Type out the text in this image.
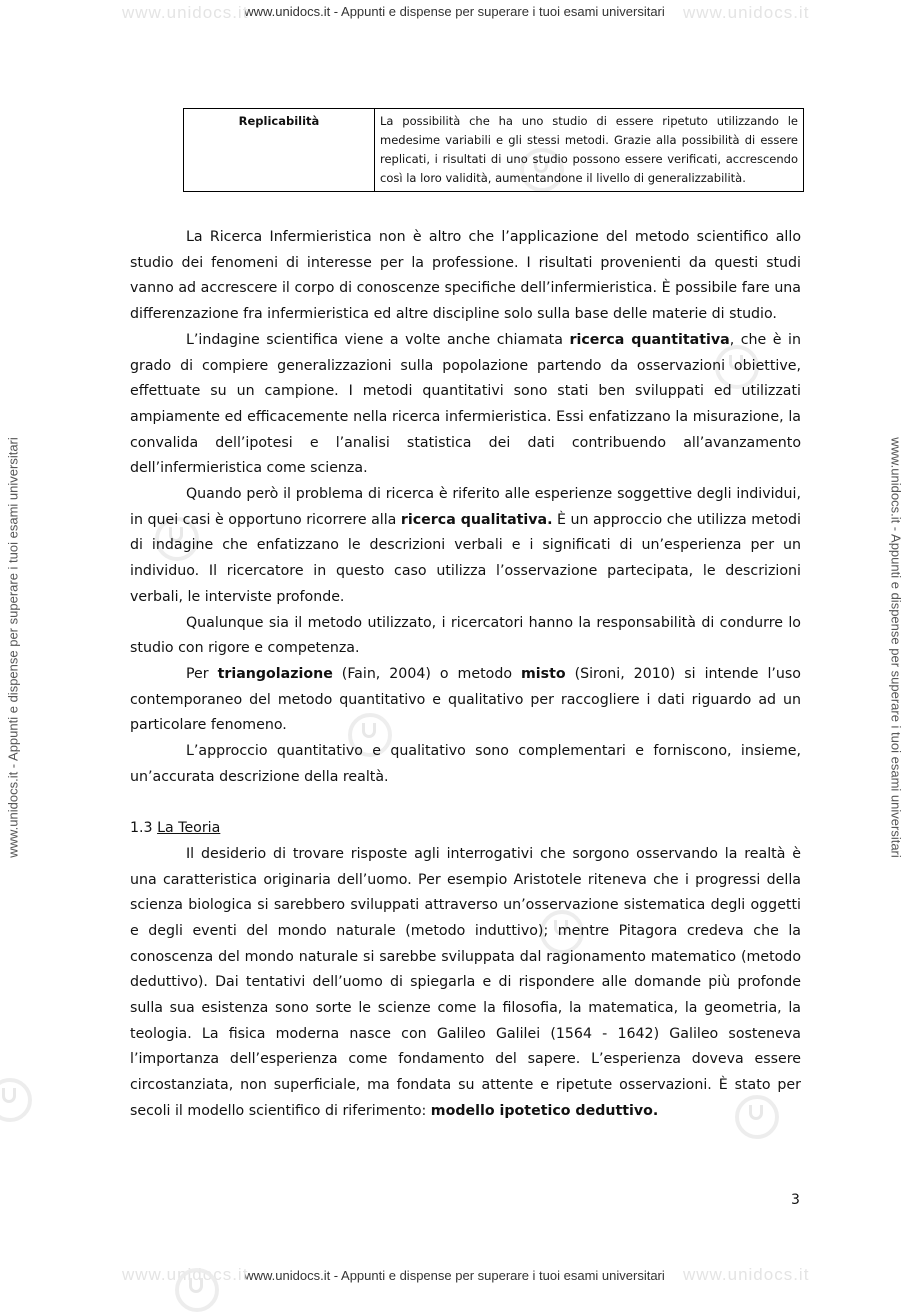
www.unidocs.it - Appunti e dispense per superare i tuoi esami universitari
www.unidocs.it - Appunti e dispense per superare i tuoi esami universitari
www.unidocs.it - Appunti e dispense per superare i tuoi esami universitari	www.unidocs.it - Appunti e dispense per superare i tuoi esami universitari
www.unidocs.it	www.unidocs.it
www.unidocs.it	www.unidocs.it
Replicabilità	La possibilità che ha uno studio di essere ripetuto utilizzando le medesime variabili e gli stessi metodi. Grazie alla possibilità di essere replicati, i risultati di uno studio possono essere verificati, accrescendo così la loro validità, aumentandone il livello di generalizzabilità.

La Ricerca Infermieristica non è altro che l’applicazione del metodo scientifico allo studio dei fenomeni di interesse per la professione. I risultati provenienti da questi studi vanno ad accrescere il corpo di conoscenze specifiche dell’infermieristica. È possibile fare una differenzazione fra infermieristica ed altre discipline solo sulla base delle materie di studio.

L’indagine scientifica viene a volte anche chiamata ricerca quantitativa, che è in grado di compiere generalizzazioni sulla popolazione partendo da osservazioni obiettive, effettuate su un campione. I metodi quantitativi sono stati ben sviluppati ed utilizzati ampiamente ed efficacemente nella ricerca infermieristica. Essi enfatizzano la misurazione, la convalida dell’ipotesi e l’analisi statistica dei dati contribuendo all’avanzamento dell’infermieristica come scienza.

Quando però il problema di ricerca è riferito alle esperienze soggettive degli individui, in quei casi è opportuno ricorrere alla ricerca qualitativa. È un approccio che utilizza metodi di indagine che enfatizzano le descrizioni verbali e i significati di un’esperienza per un individuo. Il ricercatore in questo caso utilizza l’osservazione partecipata, le descrizioni verbali, le interviste profonde.

Qualunque sia il metodo utilizzato, i ricercatori hanno la responsabilità di condurre lo studio con rigore e competenza.

Per triangolazione (Fain, 2004) o metodo misto (Sironi, 2010) si intende l’uso contemporaneo del metodo quantitativo e qualitativo per raccogliere i dati riguardo ad un particolare fenomeno.

L’approccio quantitativo e qualitativo sono complementari e forniscono, insieme, un’accurata descrizione della realtà.

1.3 La Teoria

Il desiderio di trovare risposte agli interrogativi che sorgono osservando la realtà è una caratteristica originaria dell’uomo. Per esempio Aristotele riteneva che i progressi della scienza biologica si sarebbero sviluppati attraverso un’osservazione sistematica degli oggetti e degli eventi del mondo naturale (metodo induttivo); mentre Pitagora credeva che la conoscenza del mondo naturale si sarebbe sviluppata dal ragionamento matematico (metodo deduttivo). Dai tentativi dell’uomo di spiegarla e di rispondere alle domande più profonde sulla sua esistenza sono sorte le scienze come la filosofia, la matematica, la geometria, la teologia. La fisica moderna nasce con Galileo Galilei (1564 - 1642) Galileo sosteneva l’importanza dell’esperienza come fondamento del sapere. L’esperienza doveva essere circostanziata, non superficiale, ma fondata su attente e ripetute osservazioni. È stato per secoli il modello scientifico di riferimento: modello ipotetico deduttivo.

3
